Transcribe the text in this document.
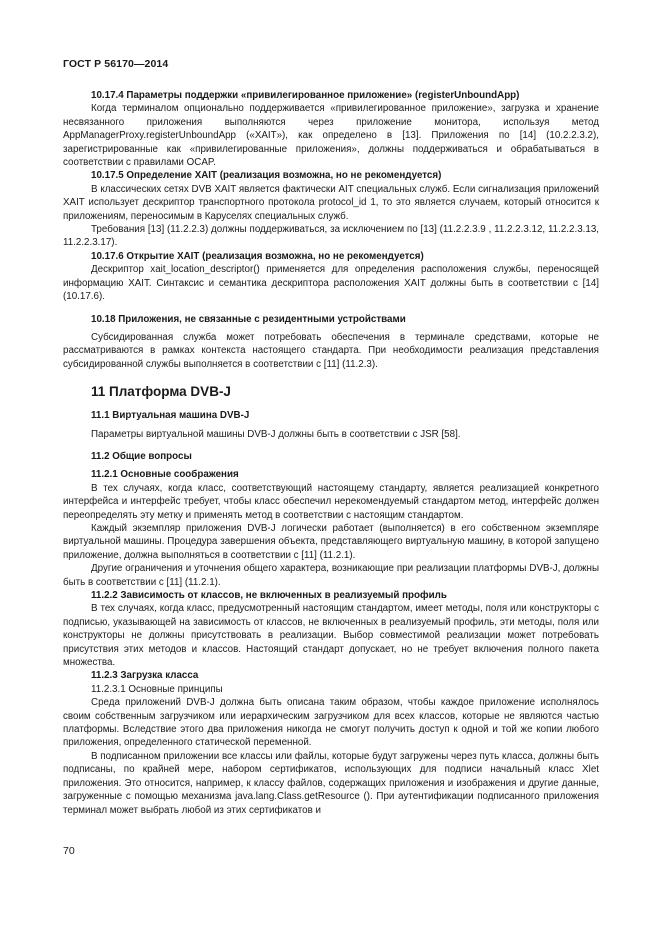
ГОСТ Р 56170—2014
10.17.4 Параметры поддержки «привилегированное приложение» (registerUnboundApp)

Когда терминалом опционально поддерживается «привилегированное приложение», загрузка и хранение несвязанного приложения выполняются через приложение монитора, используя метод AppManagerProxy.registerUnboundApp («XAIT»), как определено в [13]. Приложения по [14] (10.2.2.3.2), зарегистрированные как «привилегированные приложения», должны поддерживаться и обрабатываться в соответствии с правилами OCAP.

10.17.5 Определение XAIT (реализация возможна, но не рекомендуется)

В классических сетях DVB XAIT является фактически AIT специальных служб. Если сигнализация приложений XAIT использует дескриптор транспортного протокола protocol_id 1, то это является случаем, который относится к приложениям, переносимым в Каруселях специальных служб.

Требования [13] (11.2.2.3) должны поддерживаться, за исключением по [13] (11.2.2.3.9 , 11.2.2.3.12, 11.2.2.3.13, 11.2.2.3.17).

10.17.6 Открытие XAIT (реализация возможна, но не рекомендуется)

Дескриптор xait_location_descriptor() применяется для определения расположения службы, переносящей информацию XAIT. Синтаксис и семантика дескриптора расположения XAIT должны быть в соответствии с [14] (10.17.6).

10.18 Приложения, не связанные с резидентными устройствами

Субсидированная служба может потребовать обеспечения в терминале средствами, которые не рассматриваются в рамках контекста настоящего стандарта. При необходимости реализация представления субсидированной службы выполняется в соответствии с [11] (11.2.3).

11 Платформа DVB-J
11.1 Виртуальная машина DVB-J

Параметры виртуальной машины DVB-J должны быть в соответствии с JSR [58].

11.2 Общие вопросы
11.2.1 Основные соображения

В тех случаях, когда класс, соответствующий настоящему стандарту, является реализацией конкретного интерфейса и интерфейс требует, чтобы класс обеспечил нерекомендуемый стандартом метод, интерфейс должен переопределять эту метку и применять метод в соответствии с настоящим стандартом.

Каждый экземпляр приложения DVB-J логически работает (выполняется) в его собственном экземпляре виртуальной машины. Процедура завершения объекта, представляющего виртуальную машину, в которой запущено приложение, должна выполняться в соответствии с [11] (11.2.1).

Другие ограничения и уточнения общего характера, возникающие при реализации платформы DVB-J, должны быть в соответствии с [11] (11.2.1).

11.2.2 Зависимость от классов, не включенных в реализуемый профиль

В тех случаях, когда класс, предусмотренный настоящим стандартом, имеет методы, поля или конструкторы с подписью, указывающей на зависимость от классов, не включенных в реализуемый профиль, эти методы, поля или конструкторы не должны присутствовать в реализации. Выбор совместимой реализации может потребовать присутствия этих методов и классов. Настоящий стандарт допускает, но не требует включения полного пакета множества.

11.2.3 Загрузка класса
11.2.3.1 Основные принципы

Среда приложений DVB-J должна быть описана таким образом, чтобы каждое приложение исполнялось своим собственным загрузчиком или иерархическим загрузчиком для всех классов, которые не являются частью платформы. Вследствие этого два приложения никогда не смогут получить доступ к одной и той же копии любого приложения, определенного статической переменной.

В подписанном приложении все классы или файлы, которые будут загружены через путь класса, должны быть подписаны, по крайней мере, набором сертификатов, использующих для подписи начальный класс Xlet приложения. Это относится, например, к классу файлов, содержащих приложения и изображения и другие данные, загруженные с помощью механизма java.lang.Class.getResource (). При аутентификации подписанного приложения терминал может выбрать любой из этих сертификатов и

70
